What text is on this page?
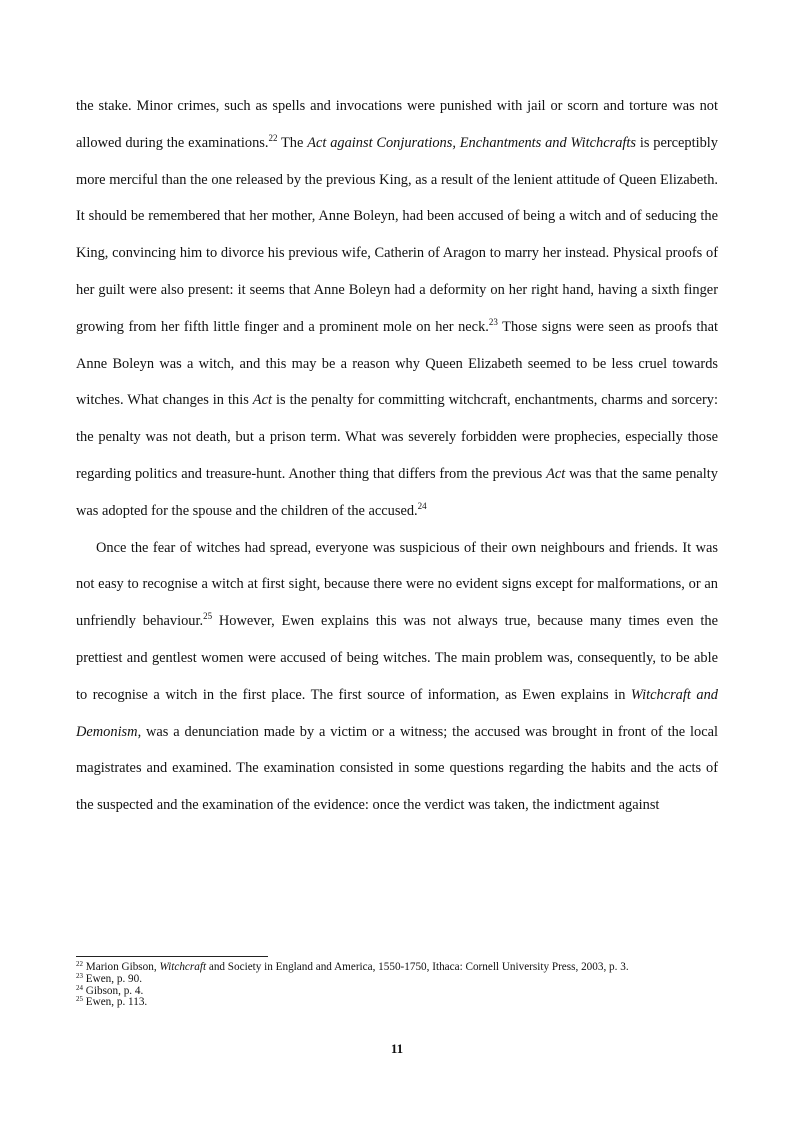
the stake. Minor crimes, such as spells and invocations were punished with jail or scorn and torture was not allowed during the examinations.$^{22}$ The Act against Conjurations, Enchantments and Witchcrafts is perceptibly more merciful than the one released by the previous King, as a result of the lenient attitude of Queen Elizabeth. It should be remembered that her mother, Anne Boleyn, had been accused of being a witch and of seducing the King, convincing him to divorce his previous wife, Catherin of Aragon to marry her instead. Physical proofs of her guilt were also present: it seems that Anne Boleyn had a deformity on her right hand, having a sixth finger growing from her fifth little finger and a prominent mole on her neck.$^{23}$ Those signs were seen as proofs that Anne Boleyn was a witch, and this may be a reason why Queen Elizabeth seemed to be less cruel towards witches. What changes in this Act is the penalty for committing witchcraft, enchantments, charms and sorcery: the penalty was not death, but a prison term. What was severely forbidden were prophecies, especially those regarding politics and treasure-hunt. Another thing that differs from the previous Act was that the same penalty was adopted for the spouse and the children of the accused.$^{24}$

Once the fear of witches had spread, everyone was suspicious of their own neighbours and friends. It was not easy to recognise a witch at first sight, because there were no evident signs except for malformations, or an unfriendly behaviour.$^{25}$ However, Ewen explains this was not always true, because many times even the prettiest and gentlest women were accused of being witches. The main problem was, consequently, to be able to recognise a witch in the first place. The first source of information, as Ewen explains in Witchcraft and Demonism, was a denunciation made by a victim or a witness; the accused was brought in front of the local magistrates and examined. The examination consisted in some questions regarding the habits and the acts of the suspected and the examination of the evidence: once the verdict was taken, the indictment against

$^{22}$ Marion Gibson, Witchcraft and Society in England and America, 1550-1750, Ithaca: Cornell University Press, 2003, p. 3.

$^{23}$ Ewen, p. 90.

$^{24}$ Gibson, p. 4.

$^{25}$ Ewen, p. 113.

11
